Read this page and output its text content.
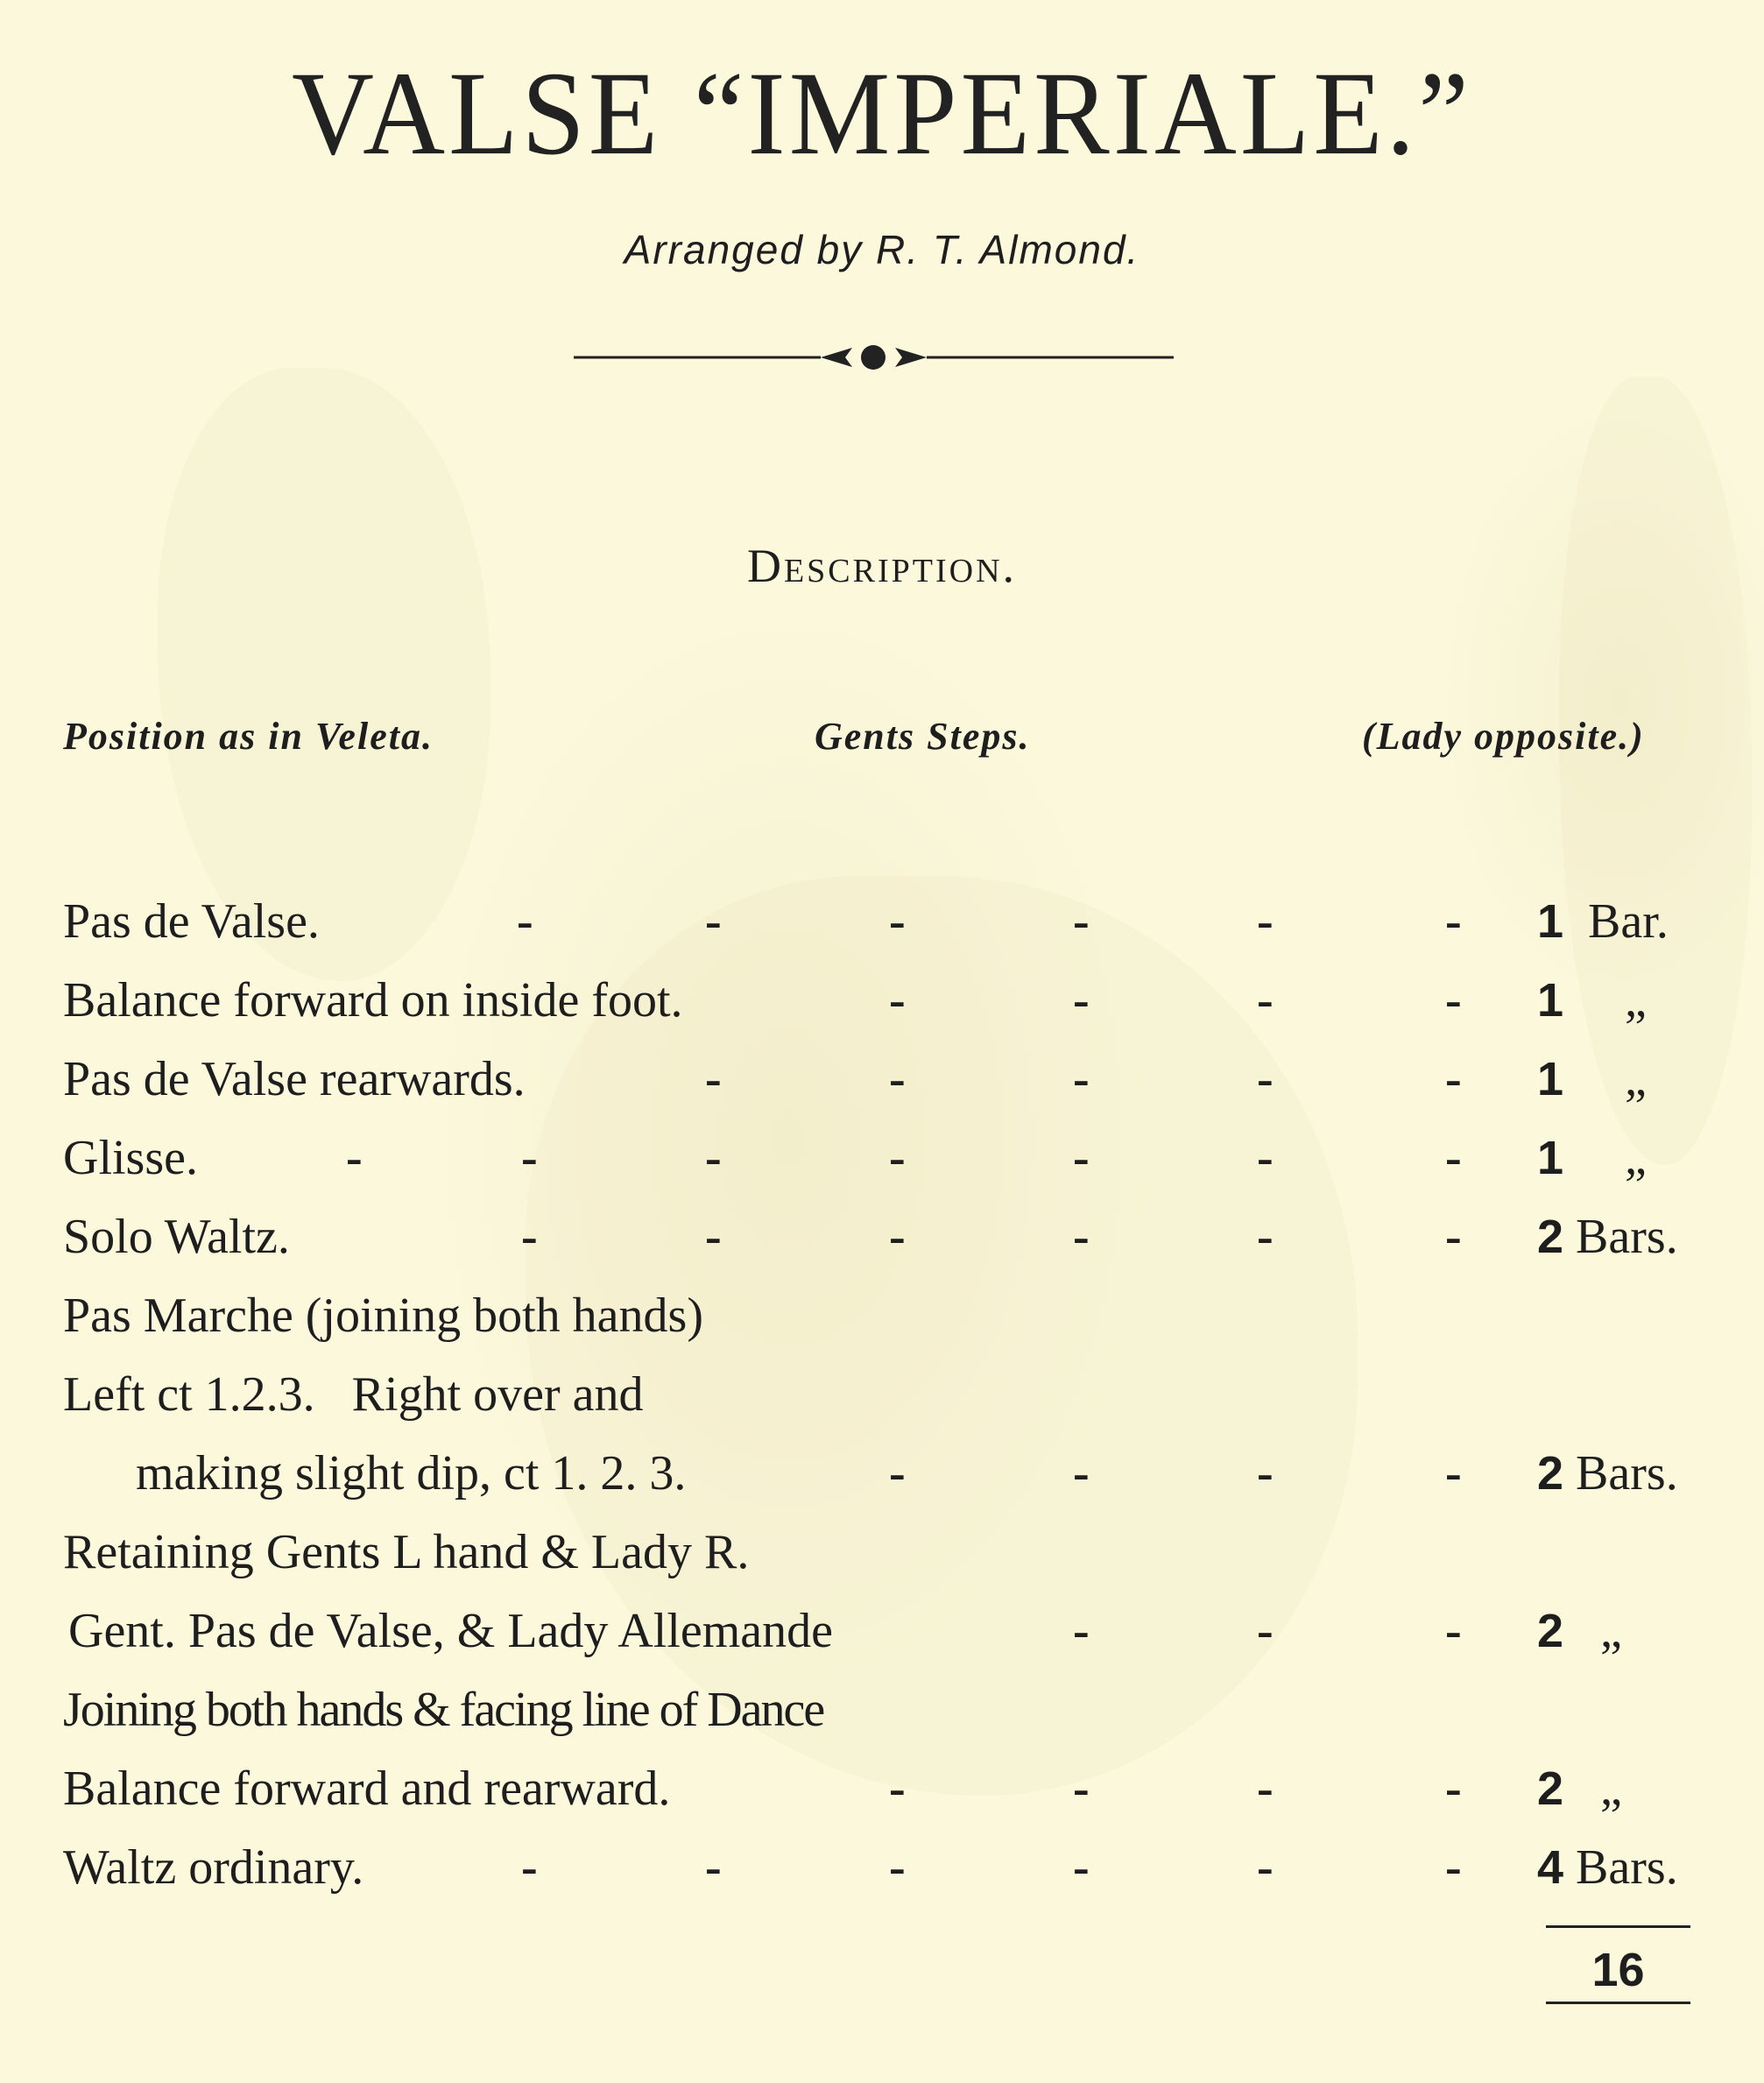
VALSE “IMPERIALE.”
Arranged by R. T. Almond.
Description.
Position as in Veleta.	Gents Steps.	(Lady opposite.)
Pas de Valse.	-	-	-	-	-	- 1 Bar.
Balance forward on inside foot.	-	-	-	- 1 „
Pas de Valse rearwards.	-	-	-	-	- 1 „
Glisse.	-	-	-	-	-	-	- 1 „
Solo Waltz.	-	-	-	-	-	- 2 Bars.
Pas Marche (joining both hands)
Left ct 1.2.3.   Right over and
making slight dip, ct 1. 2. 3.	-	-	-	- 2 Bars.
Retaining Gents L hand & Lady R.
Gent. Pas de Valse, & Lady Allemande	-	-	- 2 „
Joining both hands & facing line of Dance
Balance forward and rearward.	-	-	-	- 2 „
Waltz ordinary.	-	-	-	-	-	- 4 Bars.
16
